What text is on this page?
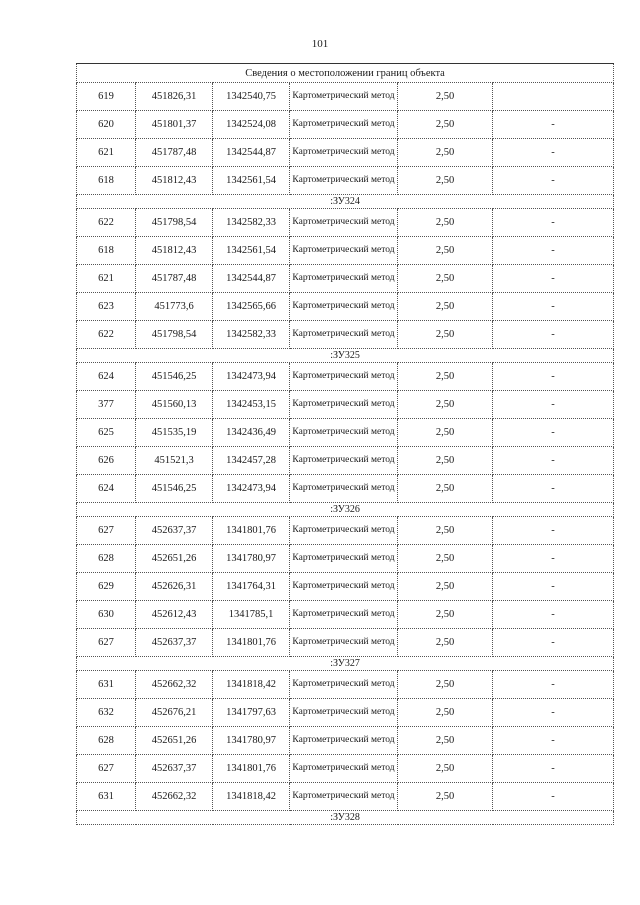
101
Сведения о местоположении границ объекта					
619	451826,31	1342540,75	Картометрический метод	2,50	
620	451801,37	1342524,08	Картометрический метод	2,50	-
621	451787,48	1342544,87	Картометрический метод	2,50	-
618	451812,43	1342561,54	Картометрический метод	2,50	-
:ЗУ324					
622	451798,54	1342582,33	Картометрический метод	2,50	-
618	451812,43	1342561,54	Картометрический метод	2,50	-
621	451787,48	1342544,87	Картометрический метод	2,50	-
623	451773,6	1342565,66	Картометрический метод	2,50	-
622	451798,54	1342582,33	Картометрический метод	2,50	-
:ЗУ325					
624	451546,25	1342473,94	Картометрический метод	2,50	-
377	451560,13	1342453,15	Картометрический метод	2,50	-
625	451535,19	1342436,49	Картометрический метод	2,50	-
626	451521,3	1342457,28	Картометрический метод	2,50	-
624	451546,25	1342473,94	Картометрический метод	2,50	-
:ЗУ326					
627	452637,37	1341801,76	Картометрический метод	2,50	-
628	452651,26	1341780,97	Картометрический метод	2,50	-
629	452626,31	1341764,31	Картометрический метод	2,50	-
630	452612,43	1341785,1	Картометрический метод	2,50	-
627	452637,37	1341801,76	Картометрический метод	2,50	-
:ЗУ327					
631	452662,32	1341818,42	Картометрический метод	2,50	-
632	452676,21	1341797,63	Картометрический метод	2,50	-
628	452651,26	1341780,97	Картометрический метод	2,50	-
627	452637,37	1341801,76	Картометрический метод	2,50	-
631	452662,32	1341818,42	Картометрический метод	2,50	-
:ЗУ328					
